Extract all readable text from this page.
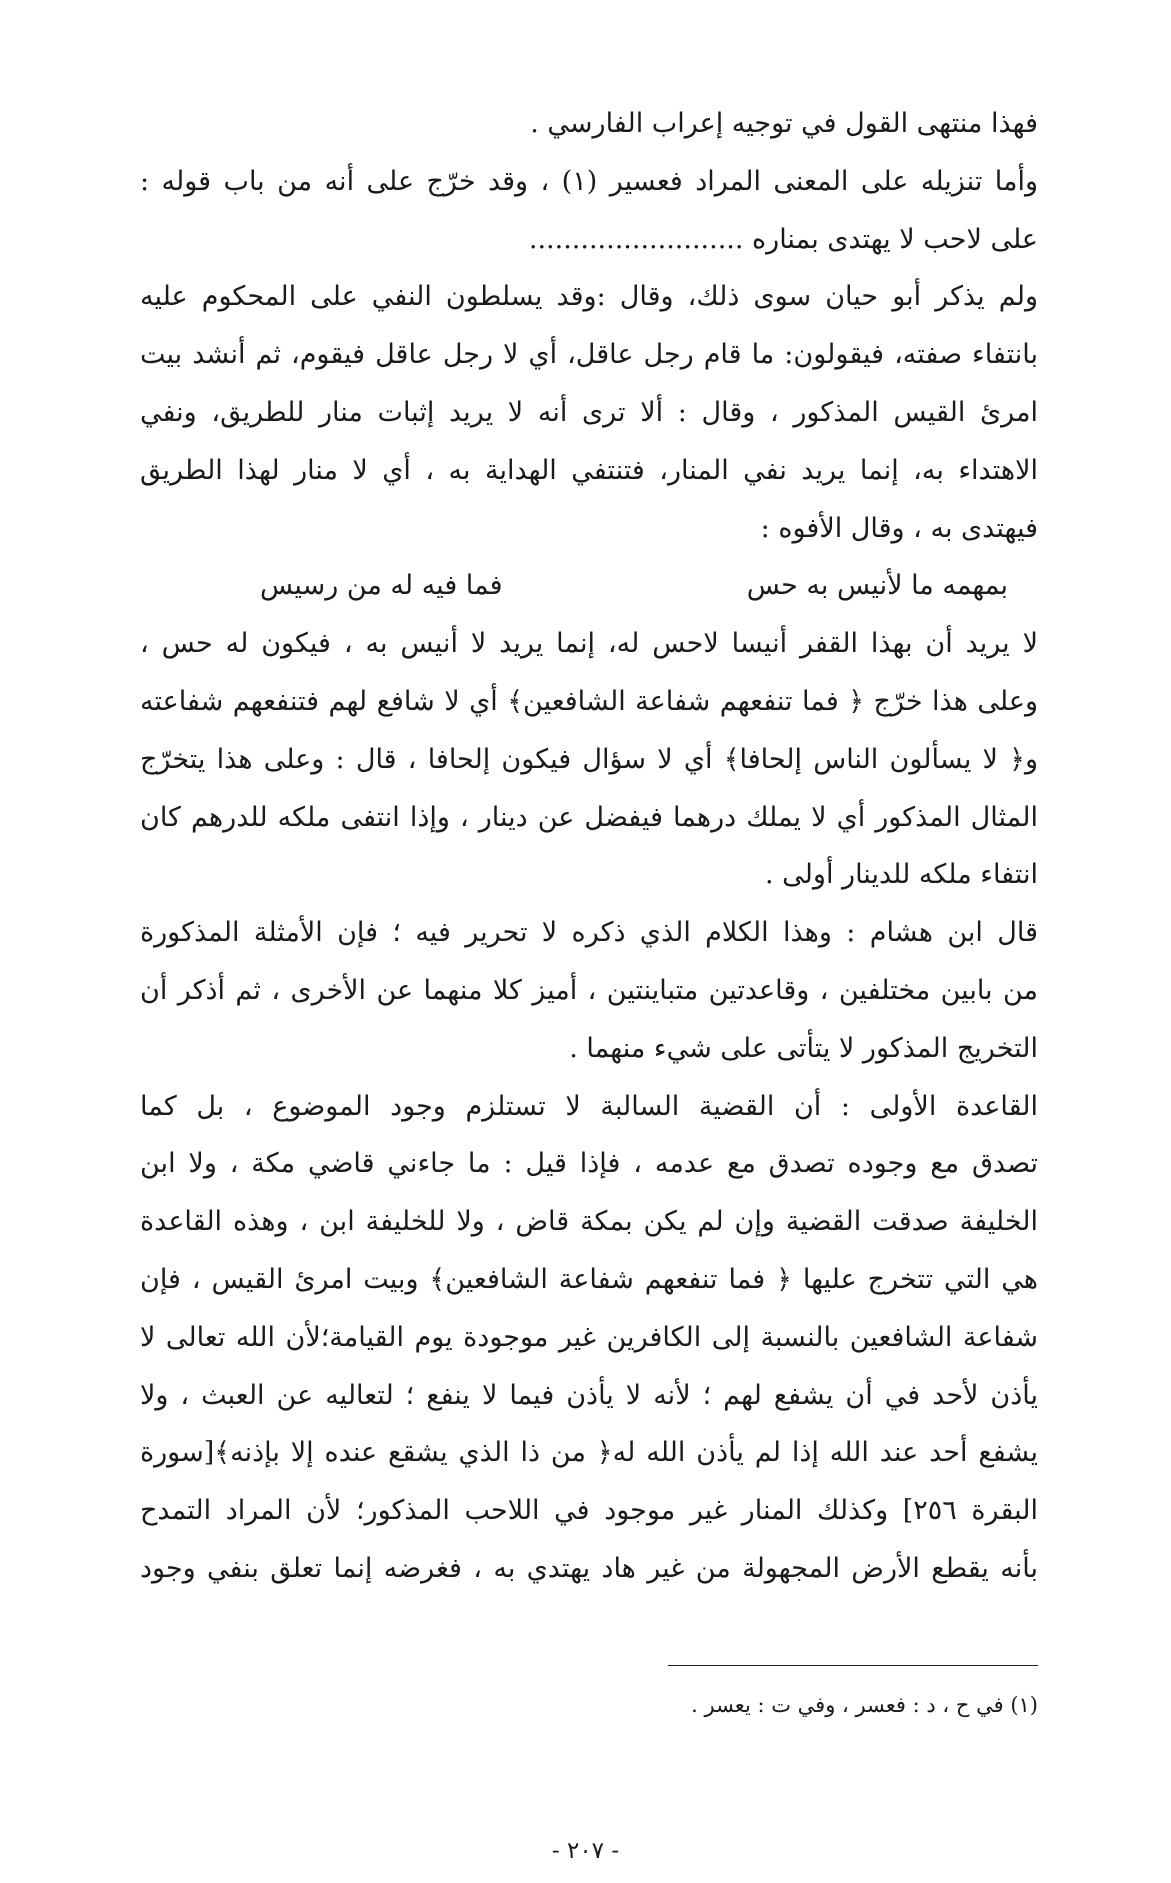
فهذا منتهى القول في توجيه إعراب الفارسي .
وأما تنزيله على المعنى المراد فعسير (١) ، وقد خرّج على أنه من باب قوله :
على لاحب لا يهتدى بمناره .........................
ولم يذكر أبو حيان سوى ذلك، وقال :وقد يسلطون النفي على المحكوم عليه
بانتفاء صفته، فيقولون: ما قام رجل عاقل، أي لا رجل عاقل فيقوم، ثم أنشد بيت
امرئ القيس المذكور ، وقال : ألا ترى أنه لا يريد إثبات منار للطريق، ونفي
الاهتداء به، إنما يريد نفي المنار، فتنتفي الهداية به ، أي لا منار لهذا الطريق
فيهتدى به ، وقال الأفوه :
بمهمه ما لأنيس به حس
فما فيه له من رسيس
لا يريد أن بهذا القفر أنيسا لاحس له، إنما يريد لا أنيس به ، فيكون له حس ،
وعلى هذا خرّج ﴿ فما تنفعهم شفاعة الشافعين﴾ أي لا شافع لهم فتنفعهم شفاعته
و﴿ لا يسألون الناس إلحافا﴾ أي لا سؤال فيكون إلحافا ، قال : وعلى هذا يتخرّج
المثال المذكور أي لا يملك درهما فيفضل عن دينار ، وإذا انتفى ملكه للدرهم كان
انتفاء ملكه للدينار أولى .
قال ابن هشام : وهذا الكلام الذي ذكره لا تحرير فيه ؛ فإن الأمثلة المذكورة
من بابين مختلفين ، وقاعدتين متباينتين ، أميز كلا منهما عن الأخرى ، ثم أذكر أن
التخريج المذكور لا يتأتى على شيء منهما .
القاعدة الأولى : أن القضية السالبة لا تستلزم وجود الموضوع ، بل كما
تصدق مع وجوده تصدق مع عدمه ، فإذا قيل : ما جاءني قاضي مكة ، ولا ابن
الخليفة صدقت القضية وإن لم يكن بمكة قاض ، ولا للخليفة ابن ، وهذه القاعدة
هي التي تتخرج عليها ﴿ فما تنفعهم شفاعة الشافعين﴾ وبيت امرئ القيس ، فإن
شفاعة الشافعين بالنسبة إلى الكافرين غير موجودة يوم القيامة؛لأن الله تعالى لا
يأذن لأحد في أن يشفع لهم ؛ لأنه لا يأذن فيما لا ينفع ؛ لتعاليه عن العبث ، ولا
يشفع أحد عند الله إذا لم يأذن الله له﴿ من ذا الذي يشقع عنده إلا بإذنه﴾[سورة
البقرة ٢٥٦] وكذلك المنار غير موجود في اللاحب المذكور؛ لأن المراد التمدح
بأنه يقطع الأرض المجهولة من غير هاد يهتدي به ، فغرضه إنما تعلق بنفي وجود
(١) في ح ، د : فعسر ، وفي ت : يعسر .
- ٢٠٧ -
